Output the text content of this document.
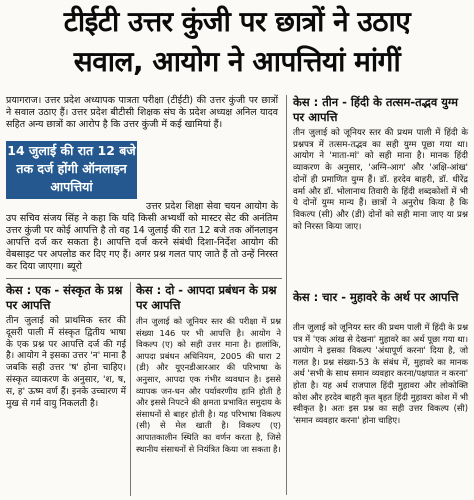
टीईटी उत्तर कुंजी पर छात्रों ने उठाए
सवाल, आयोग ने आपत्तियां मांगीं
प्रयागराज। उत्तर प्रदेश अध्यापक पात्रता परीक्षा (टीईटी) की उत्तर कुंजी पर छात्रों ने सवाल उठाए हैं। उत्तर प्रदेश बीटीसी शिक्षक संघ के प्रदेश अध्यक्ष अनिल यादव सहित अन्य छात्रों का आरोप है कि उत्तर कुंजी में कई खामियां हैं।
14 जुलाई की रात 12 बजे तक दर्ज होंगी ऑनलाइन आपत्तियां
उत्तर प्रदेश शिक्षा सेवा चयन आयोग के उप सचिव संजय सिंह ने कहा कि यदि किसी अभ्यर्थी को मास्टर सेट की अनंतिम उत्तर कुंजी पर कोई आपत्ति है तो वह 14 जुलाई की रात 12 बजे तक ऑनलाइन आपत्ति दर्ज कर सकता है। आपत्ति दर्ज करने संबंधी दिशा-निर्देश आयोग की वेबसाइट पर अपलोड कर दिए गए हैं। अगर प्रश्न गलत पाए जाते हैं तो उन्हें निरस्त कर दिया जाएगा। ब्यूरो
केस : एक - संस्कृत के प्रश्न पर आपत्ति
तीन जुलाई को प्राथमिक स्तर की दूसरी पाली में संस्कृत द्वितीय भाषा के एक प्रश्न पर आपत्ति दर्ज की गई है। आयोग ने इसका उत्तर 'न' माना है जबकि सही उत्तर 'ष' होना चाहिए। संस्कृत व्याकरण के अनुसार, 'श, ष, स, ह' ऊष्म वर्ण हैं। इनके उच्चारण में मुख से गर्म वायु निकलती है।
केस : दो - आपदा प्रबंधन के प्रश्न पर आपत्ति
तीन जुलाई को जूनियर स्तर की परीक्षा में प्रश्न संख्या 146 पर भी आपत्ति है। आयोग ने विकल्प (ए) को सही उत्तर माना है। हालांकि, आपदा प्रबंधन अधिनियम, 2005 की धारा 2 (डी) और यूएनडीआरआर की परिभाषा के अनुसार, आपदा एक गंभीर व्यवधान है। इससे व्यापक जन-धन और पर्यावरणीय हानि होती है और इससे निपटने की क्षमता प्रभावित समुदाय के संसाधनों से बाहर होती है। यह परिभाषा विकल्प (सी) से मेल खाती है। विकल्प (ए) आपातकालीन स्थिति का वर्णन करता है, जिसे स्थानीय संसाधनों से नियंत्रित किया जा सकता है।
केस : तीन - हिंदी के तत्सम-तद्भव युग्म पर आपत्ति
तीन जुलाई को जूनियर स्तर की प्रथम पाली में हिंदी के प्रश्नपत्र में तत्सम-तद्भव का सही युग्म पूछा गया था। आयोग ने 'माता-मां' को सही माना है। मानक हिंदी व्याकरण के अनुसार, 'अग्नि-आग' और 'अक्षि-आंख' दोनों ही प्रमाणित युग्म हैं। डॉ. हरदेव बाहरी, डॉ. धीरेंद्र वर्मा और डॉ. भोलानाथ तिवारी के हिंदी शब्दकोशों में भी ये दोनों युग्म मान्य हैं। छात्रों ने अनुरोध किया है कि विकल्प (सी) और (डी) दोनों को सही माना जाए या प्रश्न को निरस्त किया जाए।
केस : चार - मुहावरे के अर्थ पर आपत्ति
तीन जुलाई को जूनियर स्तर की प्रथम पाली में हिंदी के प्रश्न पत्र में 'एक आंख से देखना' मुहावरे का अर्थ पूछा गया था। आयोग ने इसका विकल्प 'अंधापूर्ण करना' दिया है, जो गलत है। प्रश्न संख्या-53 के संबंध में, मुहावरे का मानक अर्थ 'सभी के साथ समान व्यवहार करना/पक्षपात न करना' होता है। यह अर्थ राजपाल हिंदी मुहावरा और लोकोक्ति कोश और हरदेव बाहरी कृत बृहत हिंदी मुहावरा कोश में भी स्वीकृत है। अतः इस प्रश्न का सही उत्तर विकल्प (सी) 'समान व्यवहार करना' होना चाहिए।
